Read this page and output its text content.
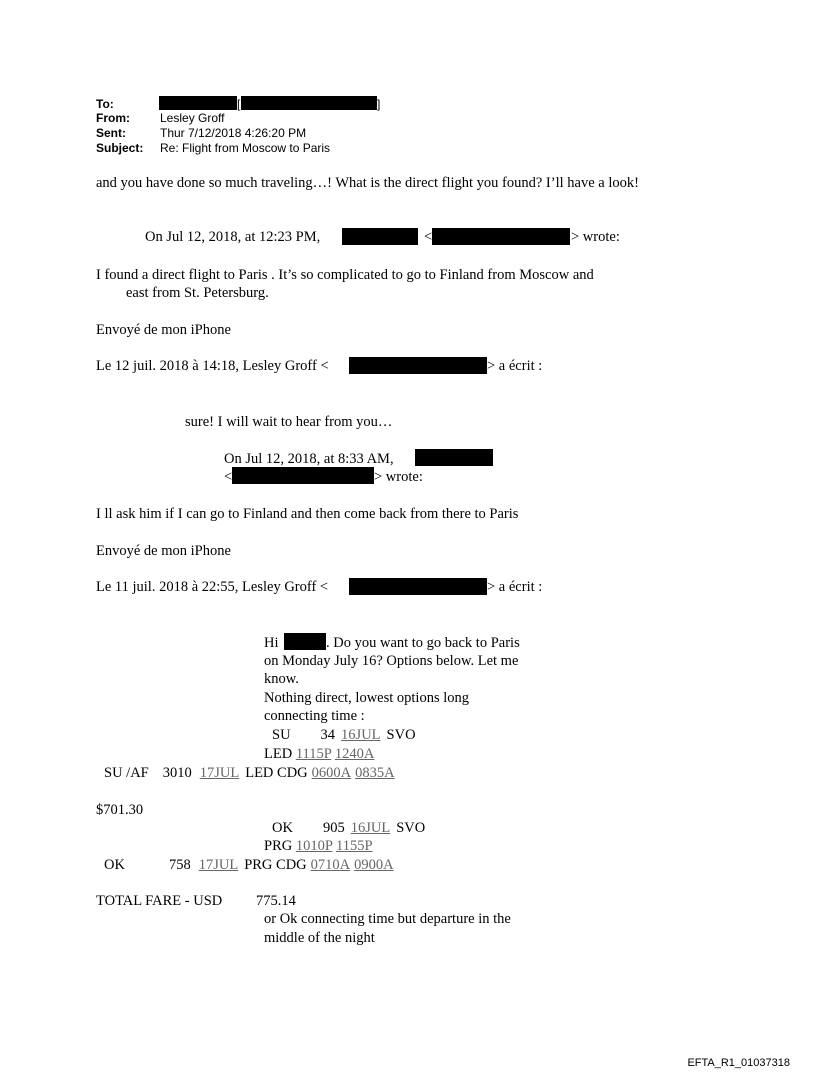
To:	[	]
From:	Lesley Groff
Sent:	Thur 7/12/2018 4:26:20 PM
Subject: Re: Flight from Moscow to Paris
and you have done so much traveling…! What is the direct flight you found? I’ll have a look!
On Jul 12, 2018, at 12:23 PM,	<	> wrote:
I found a direct flight to Paris . It’s so complicated to go to Finland from Moscow and
east from St. Petersburg.
Envoyé de mon iPhone
Le 12 juil. 2018 à 14:18, Lesley Groff <	> a écrit :
sure! I will wait to hear from you…
On Jul 12, 2018, at 8:33 AM,
<	> wrote:
I ll ask him if I can go to Finland and then come back from there to Paris
Envoyé de mon iPhone
Le 11 juil. 2018 à 22:55, Lesley Groff <	> a écrit :
Hi	. Do you want to go back to Paris
on Monday July 16? Options below. Let me
know.
Nothing direct, lowest options long
connecting time :
SU 34 16JUL SVO
LED 1115P 1240A
SU /AF 3010 17JUL LED CDG 0600A 0835A
$701.30
OK 905 16JUL SVO
PRG 1010P 1155P
OK	758 17JUL PRG CDG 0710A 0900A
TOTAL FARE - USD 775.14
or Ok connecting time but departure in the
middle of the night
EFTA_R1_01037318
